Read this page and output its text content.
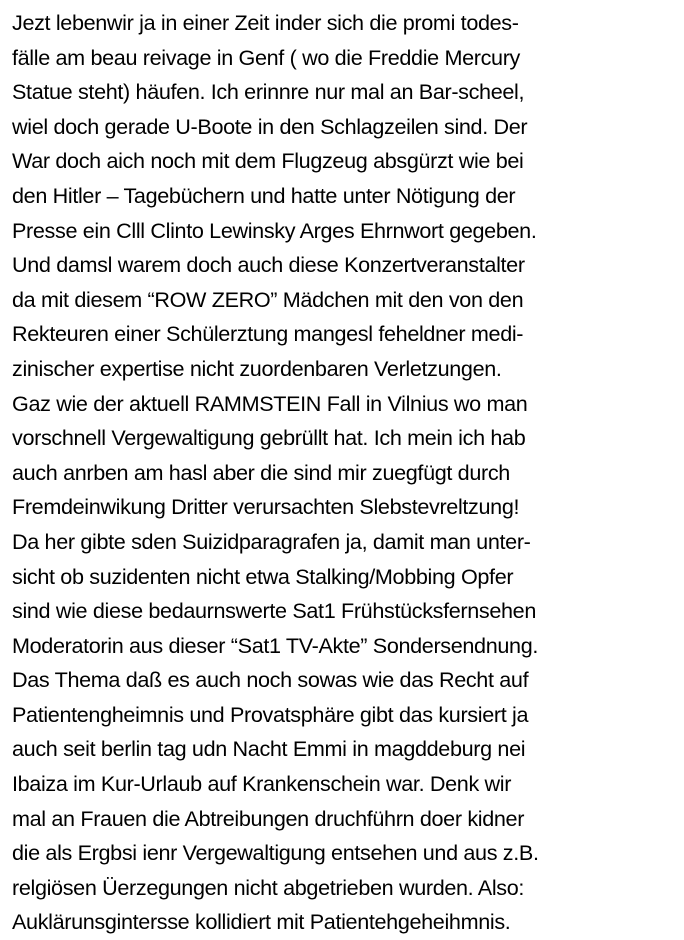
Jezt lebenwir ja in einer Zeit inder sich die promi todes-
fälle am beau reivage in Genf ( wo die Freddie Mercury
Statue steht) häufen. Ich erinnre nur mal an Bar-scheel,
wiel doch gerade U-Boote in den Schlagzeilen sind. Der
War doch aich noch mit dem Flugzeug absgürzt wie bei
den Hitler – Tagebüchern und hatte unter Nötigung der
Presse ein Clll Clinto Lewinsky Arges Ehrnwort gegeben.
Und damsl warem doch auch diese Konzertveranstalter
da mit diesem “ROW ZERO” Mädchen mit den von den
Rekteuren einer Schülerztung mangesl feheldner medi-
zinischer expertise nicht zuordenbaren Verletzungen.
Gaz wie der aktuell RAMMSTEIN Fall in Vilnius wo man
vorschnell Vergewaltigung gebrüllt hat. Ich mein ich hab
auch anrben am hasl aber die sind mir zuegfügt durch
Fremdeinwikung Dritter verursachten Slebstevreltzung!
Da her gibte sden Suizidparagrafen ja, damit man unter-
sicht ob suzidenten nicht etwa Stalking/Mobbing Opfer
sind wie diese bedaurnswerte Sat1 Frühstücksfernsehen
Moderatorin aus dieser “Sat1 TV-Akte” Sondersendnung.
Das Thema daß es auch noch sowas wie das Recht auf
Patientengheimnis und Provatsphäre gibt das kursiert ja
auch seit berlin tag udn Nacht Emmi in magddeburg nei
Ibaiza im Kur-Urlaub auf Krankenschein war. Denk wir
mal an Frauen die Abtreibungen druchführn doer kidner
die als Ergbsi ienr Vergewaltigung entsehen und aus z.B.
relgiösen Üerzegungen nicht abgetrieben wurden. Also:
Auklärunsgintersse kollidiert mit Patientehgeheihmnis.
